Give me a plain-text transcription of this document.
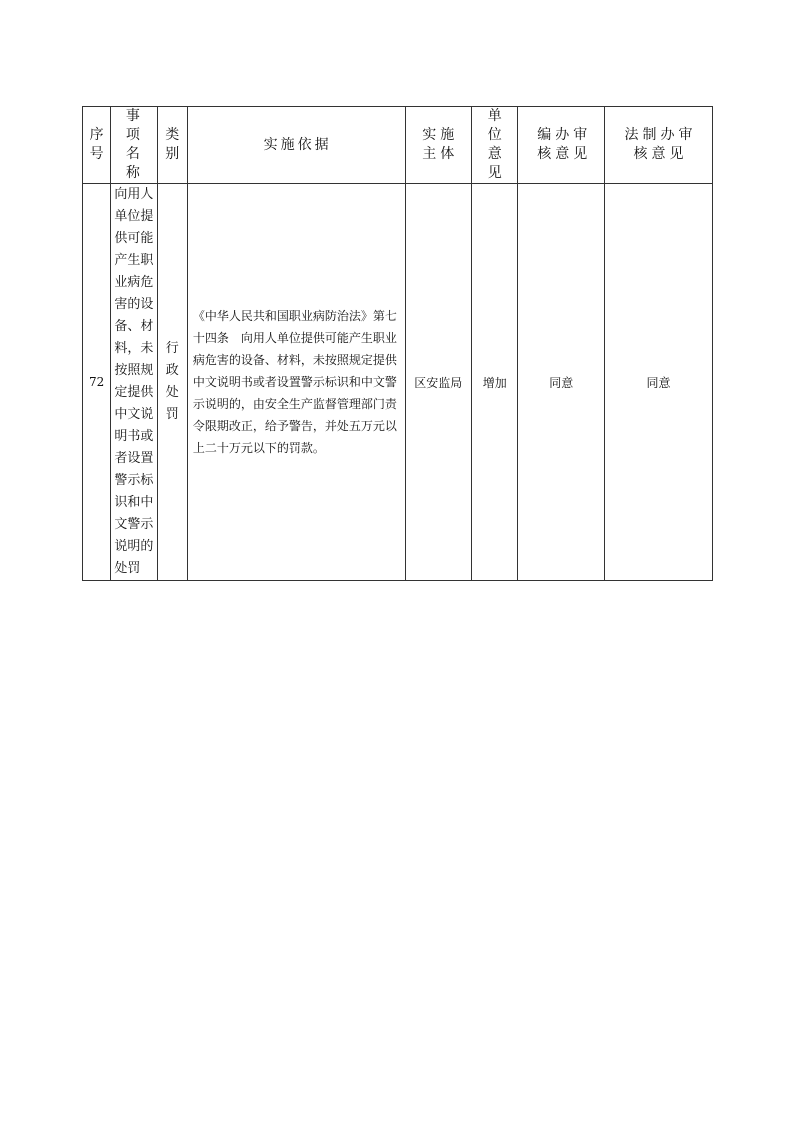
序号	事项名称	类别	实施依据	实施主体	单位意见	编办审核意见	法制办审核意见
72	向用人单位提供可能产生职业病危害的设备、材料，未按照规定提供中文说明书或者设置警示标识和中文警示说明的处罚	行政处罚	《中华人民共和国职业病防治法》第七十四条　向用人单位提供可能产生职业病危害的设备、材料，未按照规定提供中文说明书或者设置警示标识和中文警示说明的，由安全生产监督管理部门责令限期改正，给予警告，并处五万元以上二十万元以下的罚款。	区安监局	增加	同意	同意
